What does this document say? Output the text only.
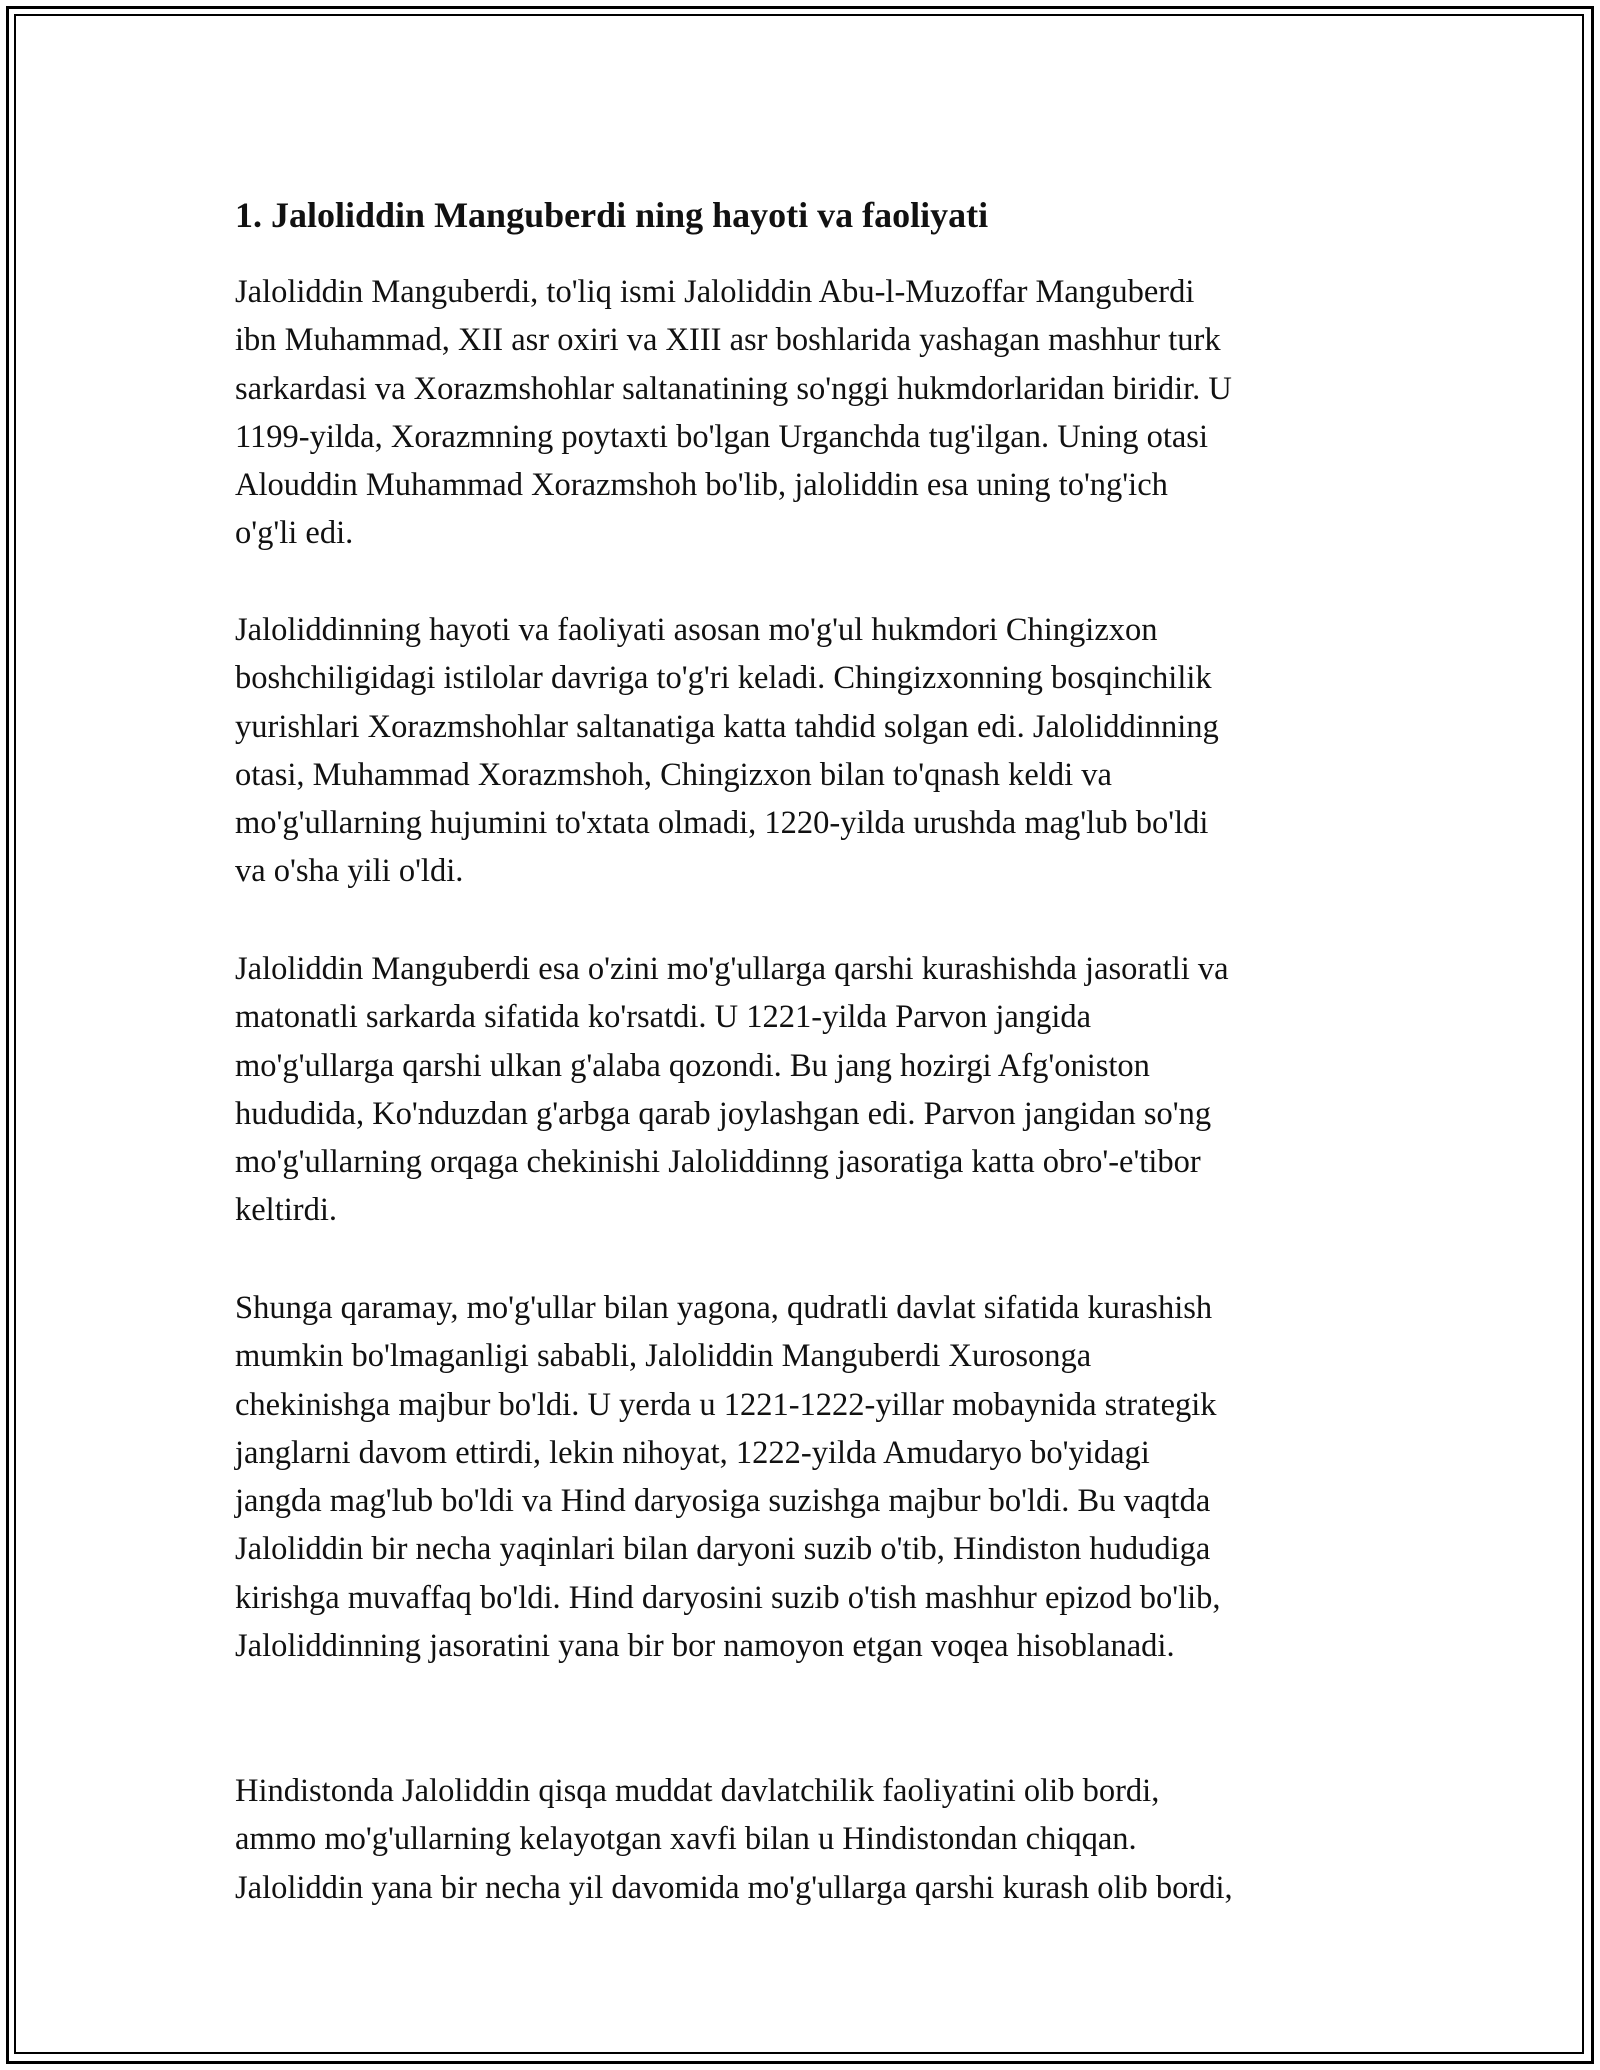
1. Jaloliddin Manguberdi ning hayoti va faoliyati

Jaloliddin Manguberdi, to'liq ismi Jaloliddin Abu-l-Muzoffar Manguberdi
ibn Muhammad, XII asr oxiri va XIII asr boshlarida yashagan mashhur turk
sarkardasi va Xorazmshohlar saltanatining so'nggi hukmdorlaridan biridir. U
1199-yilda, Xorazmning poytaxti bo'lgan Urganchda tug'ilgan. Uning otasi
Alouddin Muhammad Xorazmshoh bo'lib, jaloliddin esa uning to'ng'ich
o'g'li edi.

Jaloliddinning hayoti va faoliyati asosan mo'g'ul hukmdori Chingizxon
boshchiligidagi istilolar davriga to'g'ri keladi. Chingizxonning bosqinchilik
yurishlari Xorazmshohlar saltanatiga katta tahdid solgan edi. Jaloliddinning
otasi, Muhammad Xorazmshoh, Chingizxon bilan to'qnash keldi va
mo'g'ullarning hujumini to'xtata olmadi, 1220-yilda urushda mag'lub bo'ldi
va o'sha yili o'ldi.

Jaloliddin Manguberdi esa o'zini mo'g'ullarga qarshi kurashishda jasoratli va
matonatli sarkarda sifatida ko'rsatdi. U 1221-yilda Parvon jangida
mo'g'ullarga qarshi ulkan g'alaba qozondi. Bu jang hozirgi Afg'oniston
hududida, Ko'nduzdan g'arbga qarab joylashgan edi. Parvon jangidan so'ng
mo'g'ullarning orqaga chekinishi Jaloliddinng jasoratiga katta obro'-e'tibor
keltirdi.

Shunga qaramay, mo'g'ullar bilan yagona, qudratli davlat sifatida kurashish
mumkin bo'lmaganligi sababli, Jaloliddin Manguberdi Xurosonga
chekinishga majbur bo'ldi. U yerda u 1221-1222-yillar mobaynida strategik
janglarni davom ettirdi, lekin nihoyat, 1222-yilda Amudaryo bo'yidagi
jangda mag'lub bo'ldi va Hind daryosiga suzishga majbur bo'ldi. Bu vaqtda
Jaloliddin bir necha yaqinlari bilan daryoni suzib o'tib, Hindiston hududiga
kirishga muvaffaq bo'ldi. Hind daryosini suzib o'tish mashhur epizod bo'lib,
Jaloliddinning jasoratini yana bir bor namoyon etgan voqea hisoblanadi.

Hindistonda Jaloliddin qisqa muddat davlatchilik faoliyatini olib bordi,
ammo mo'g'ullarning kelayotgan xavfi bilan u Hindistondan chiqqan.
Jaloliddin yana bir necha yil davomida mo'g'ullarga qarshi kurash olib bordi,
